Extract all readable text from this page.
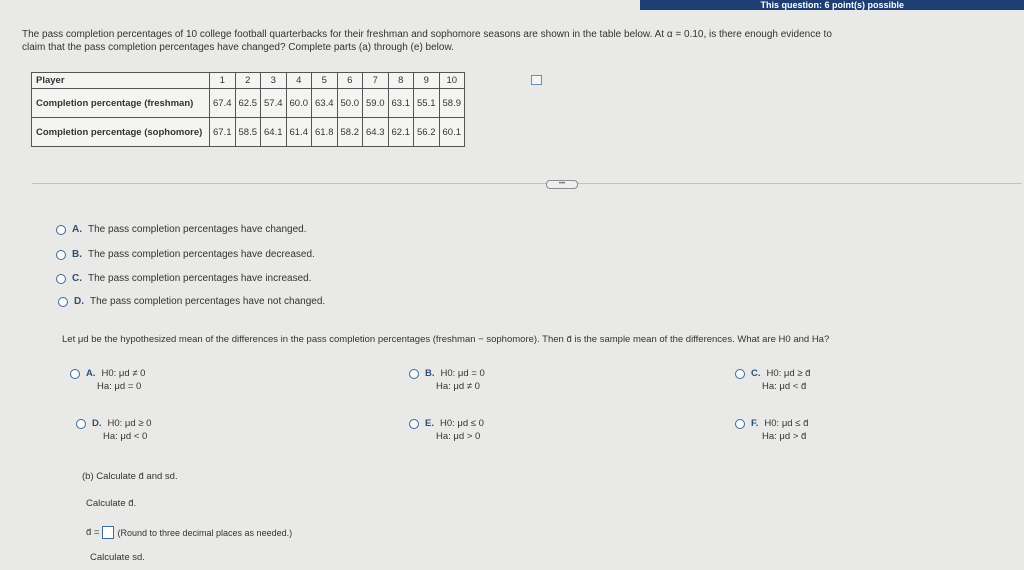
This question: 6 point(s) possible
The pass completion percentages of 10 college football quarterbacks for their freshman and sophomore seasons are shown in the table below. At α = 0.10, is there enough evidence to
claim that the pass completion percentages have changed? Complete parts (a) through (e) below.
Player	1	2	3	4	5	6	7	8	9	10
Completion percentage (freshman)	67.4	62.5	57.4	60.0	63.4	50.0	59.0	63.1	55.1	58.9
Completion percentage (sophomore)	67.1	58.5	64.1	61.4	61.8	58.2	64.3	62.1	56.2	60.1
•••
A. The pass completion percentages have changed.
B. The pass completion percentages have decreased.
C. The pass completion percentages have increased.
D. The pass completion percentages have not changed.
Let μd be the hypothesized mean of the differences in the pass completion percentages (freshman − sophomore). Then d̄ is the sample mean of the differences. What are H0 and Ha?
A. H0: μd ≠ 0
Ha: μd = 0
B. H0: μd = 0
Ha: μd ≠ 0
C. H0: μd ≥ d̄
Ha: μd < d̄
D. H0: μd ≥ 0
Ha: μd < 0
E. H0: μd ≤ 0
Ha: μd > 0
F. H0: μd ≤ d̄
Ha: μd > d̄
(b) Calculate d̄ and sd.
Calculate d̄.
d̄ = (Round to three decimal places as needed.)
Calculate sd.
